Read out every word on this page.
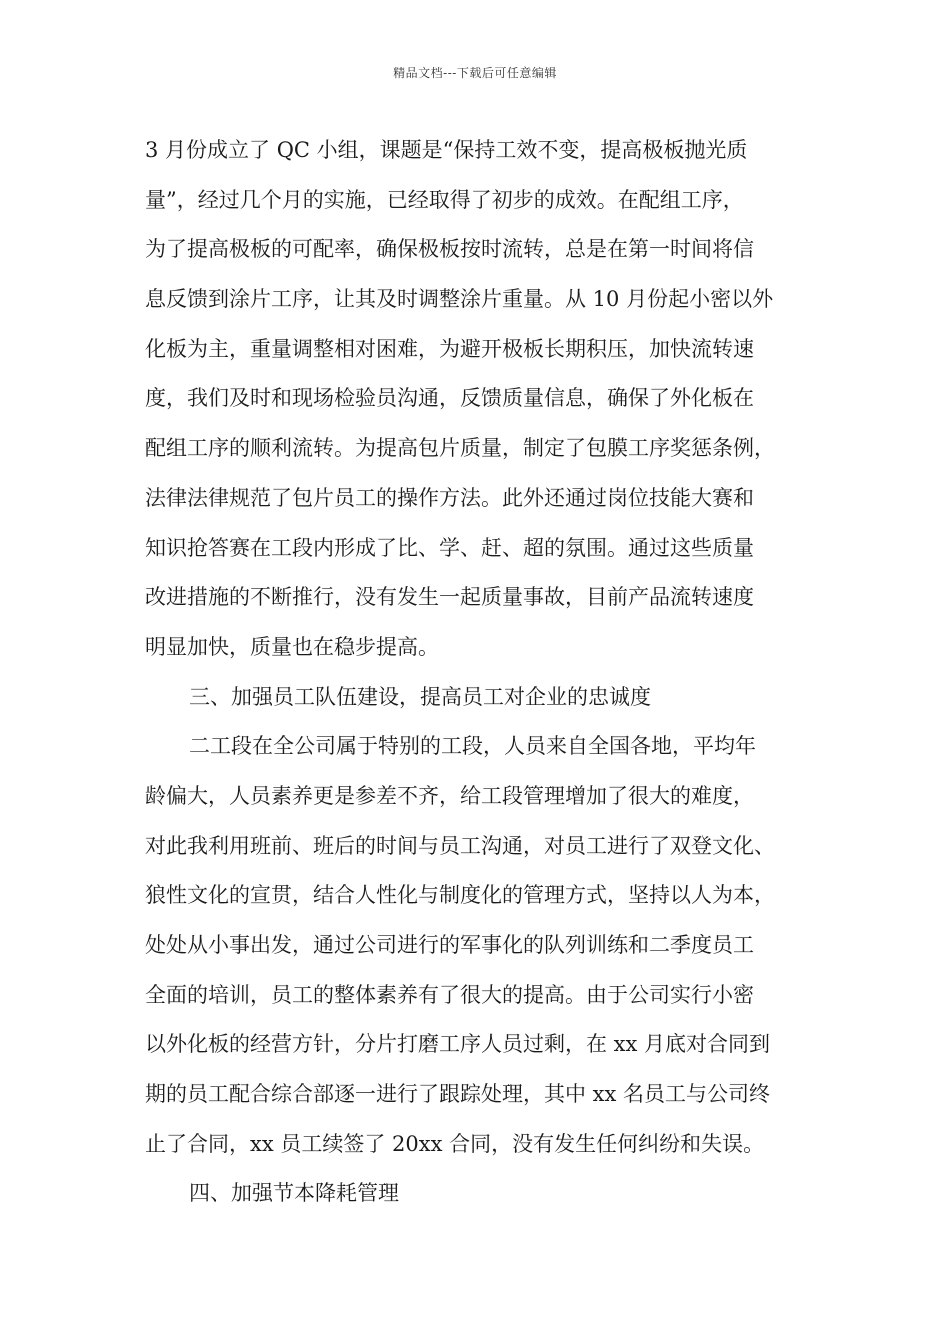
精品文档---下载后可任意编辑
3 月份成立了 QC 小组，课题是“保持工效不变，提高极板抛光质
量”，经过几个月的实施，已经取得了初步的成效。在配组工序，
为了提高极板的可配率，确保极板按时流转，总是在第一时间将信
息反馈到涂片工序，让其及时调整涂片重量。从 10 月份起小密以外
化板为主，重量调整相对困难，为避开极板长期积压，加快流转速
度，我们及时和现场检验员沟通，反馈质量信息，确保了外化板在
配组工序的顺利流转。为提高包片质量，制定了包膜工序奖惩条例，
法律法律规范了包片员工的操作方法。此外还通过岗位技能大赛和
知识抢答赛在工段内形成了比、学、赶、超的氛围。通过这些质量
改进措施的不断推行，没有发生一起质量事故，目前产品流转速度
明显加快，质量也在稳步提高。
三、加强员工队伍建设，提高员工对企业的忠诚度
二工段在全公司属于特别的工段，人员来自全国各地，平均年
龄偏大，人员素养更是参差不齐，给工段管理增加了很大的难度，
对此我利用班前、班后的时间与员工沟通，对员工进行了双登文化、
狼性文化的宣贯，结合人性化与制度化的管理方式，坚持以人为本，
处处从小事出发，通过公司进行的军事化的队列训练和二季度员工
全面的培训，员工的整体素养有了很大的提高。由于公司实行小密
以外化板的经营方针，分片打磨工序人员过剩，在 xx 月底对合同到
期的员工配合综合部逐一进行了跟踪处理，其中 xx 名员工与公司终
止了合同，xx 员工续签了 20xx 合同，没有发生任何纠纷和失误。
四、加强节本降耗管理
